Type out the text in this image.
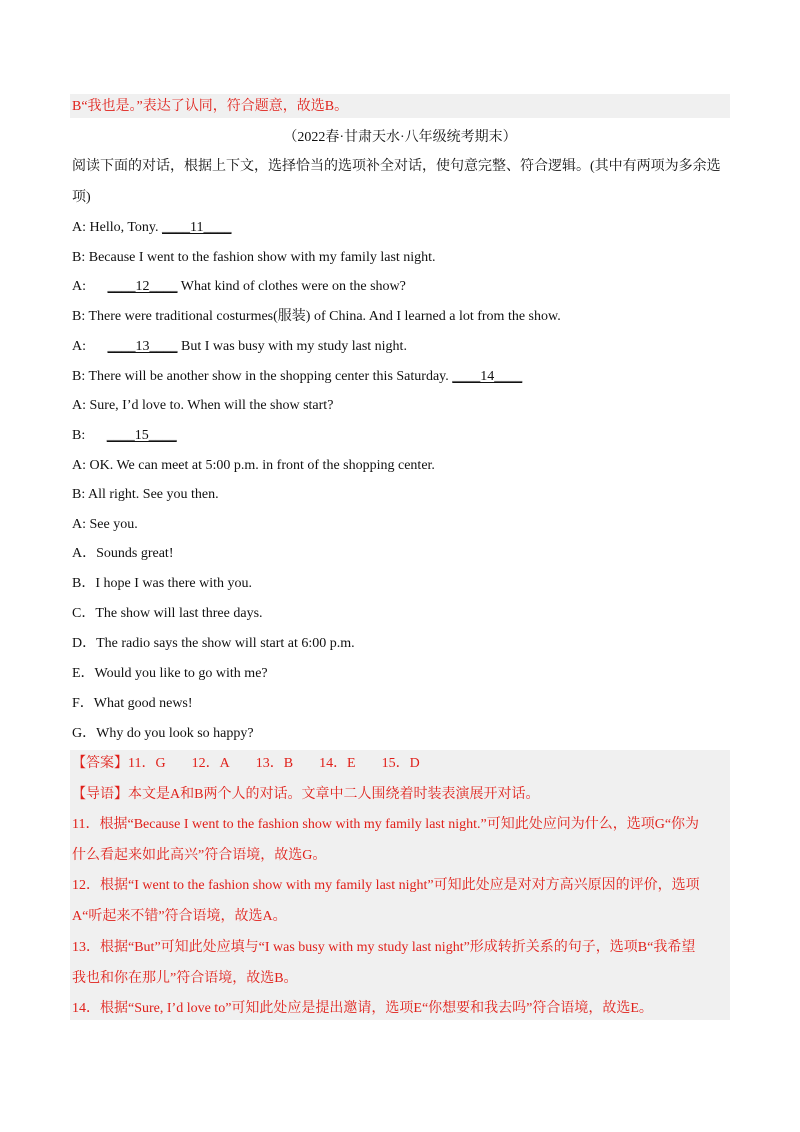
B“我也是。”表达了认同，符合题意，故选B。
（2022春·甘肃天水·八年级统考期末）
阅读下面的对话，根据上下文，选择恰当的选项补全对话，使句意完整、符合逻辑。(其中有两项为多余选
项)
A: Hello, Tony. ____11____
B: Because I went to the fashion show with my family last night.
A: ____12____ What kind of clothes were on the show?
B: There were traditional costurmes(服装) of China. And I learned a lot from the show.
A: ____13____ But I was busy with my study last night.
B: There will be another show in the shopping center this Saturday. ____14____
A: Sure, I’d love to. When will the show start?
B: ____15____
A: OK. We can meet at 5:00 p.m. in front of the shopping center.
B: All right. See you then.
A: See you.
A．Sounds great!
B．I hope I was there with you.
C．The show will last three days.
D．The radio says the show will start at 6:00 p.m.
E．Would you like to go with me?
F．What good news!
G．Why do you look so happy?
【答案】11．G 12．A 13．B 14．E 15．D
【导语】本文是A和B两个人的对话。文章中二人围绕着时装表演展开对话。
11．根据“Because I went to the fashion show with my family last night.”可知此处应问为什么，选项G“你为
什么看起来如此高兴”符合语境，故选G。
12．根据“I went to the fashion show with my family last night”可知此处应是对对方高兴原因的评价，选项
A“听起来不错”符合语境，故选A。
13．根据“But”可知此处应填与“I was busy with my study last night”形成转折关系的句子，选项B“我希望
我也和你在那儿”符合语境，故选B。
14．根据“Sure, I’d love to”可知此处应是提出邀请，选项E“你想要和我去吗”符合语境，故选E。
